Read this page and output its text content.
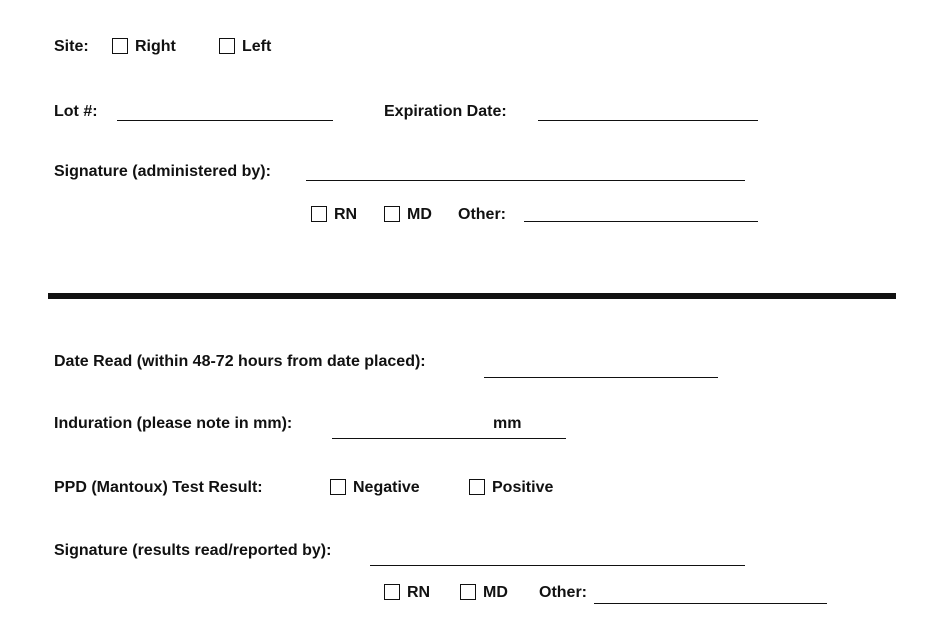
Site:	Right	Left
Lot #:	Expiration Date:
Signature (administered by):
RN	MD Other:
Date Read (within 48-72 hours from date placed):
Induration (please note in mm):	mm
PPD (Mantoux) Test Result:	Negative	Positive
Signature (results read/reported by):
RN	MD Other:
